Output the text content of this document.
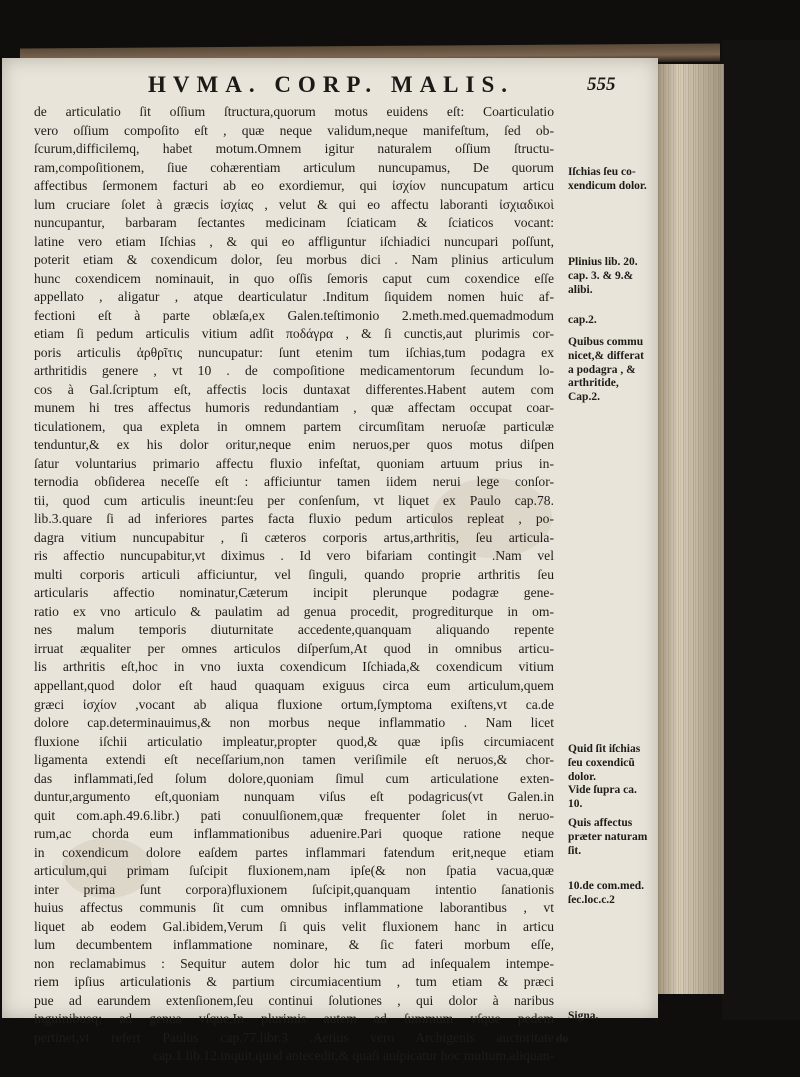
HVMA. CORP. MALIS.	555
de articulatio ſit oſſium ſtructura,quorum motus euidens eſt: Coarticulatio
vero oſſium compoſito eſt , quæ neque validum,neque manifeſtum, ſed ob-
ſcurum,difficilemq, habet motum.Omnem igitur naturalem oſſium ſtructu-
ram,compoſitionem, ſiue cohærentiam articulum nuncupamus, De quorum
affectibus ſermonem facturi ab eo exordiemur, qui ἰσχίον nuncupatum articu
lum cruciare ſolet à græcis ἰσχίας , velut & qui eo affectu laboranti ἰσχιαδικοὶ
nuncupantur, barbaram ſectantes medicinam ſciaticam & ſciaticos vocant:
latine vero etiam Iſchias , & qui eo affliguntur iſchiadici nuncupari poſſunt,
poterit etiam & coxendicum dolor, ſeu morbus dici . Nam plinius articulum
hunc coxendicem nominauit, in quo oſſis ſemoris caput cum coxendice eſſe
appellato , aligatur , atque dearticulatur .Inditum ſiquidem nomen huic af-
fectioni eſt à parte oblæſa,ex Galen.teſtimonio 2.meth.med.quemadmodum
etiam ſi pedum articulis vitium adſit ποδάγρα , & ſi cunctis,aut plurimis cor-
poris articulis ἀρθρῖτις nuncupatur: ſunt etenim tum iſchias,tum podagra ex
arthritidis genere , vt 10 . de compoſitione medicamentorum ſecundum lo-
cos à Gal.ſcriptum eſt, affectis locis duntaxat differentes.Habent autem com
munem hi tres affectus humoris redundantiam , quæ affectam occupat coar-
ticulationem, qua expleta in omnem partem circumſitam neruoſæ particulæ
tenduntur,& ex his dolor oritur,neque enim neruos,per quos motus diſpen
ſatur voluntarius primario affectu fluxio infeſtat, quoniam artuum prius in-
ternodia obſiderea neceſſe eſt : afficiuntur tamen iidem nerui lege conſor-
tii, quod cum articulis ineunt:ſeu per conſenſum, vt liquet ex Paulo cap.78.
lib.3.quare ſi ad inferiores partes facta fluxio pedum articulos repleat , po-
dagra vitium nuncupabitur , ſi cæteros corporis artus,arthritis, ſeu articula-
ris affectio nuncupabitur,vt diximus . Id vero bifariam contingit .Nam vel
multi corporis articuli afficiuntur, vel ſinguli, quando proprie arthritis ſeu
articularis affectio nominatur,Cæterum incipit plerunque podagræ gene-
ratio ex vno articulo & paulatim ad genua procedit, progrediturque in om-
nes malum temporis diuturnitate accedente,quanquam aliquando repente
irruat æqualiter per omnes articulos diſperſum,At quod in omnibus articu-
lis arthritis eſt,hoc in vno iuxta coxendicum Iſchiada,& coxendicum vitium
appellant,quod dolor eſt haud quaquam exiguus circa eum articulum,quem
græci ἰσχίον ,vocant ab aliqua fluxione ortum,ſymptoma exiſtens,vt ca.de
dolore cap.determinauimus,& non morbus neque inflammatio . Nam licet
fluxione iſchii articulatio impleatur,propter quod,& quæ ipſis circumiacent
ligamenta extendi eſt neceſſarium,non tamen veriſimile eſt neruos,& chor-
das inflammati,ſed ſolum dolore,quoniam ſimul cum articulatione exten-
duntur,argumento eſt,quoniam nunquam viſus eſt podagricus(vt Galen.in
quit com.aph.49.6.libr.) pati conuulſionem,quæ frequenter ſolet in neruo-
rum,ac chorda eum inflammationibus aduenire.Pari quoque ratione neque
in coxendicum dolore eaſdem partes inflammari fatendum erit,neque etiam
articulum,qui primam ſuſcipit fluxionem,nam ipſe(& non ſpatia vacua,quæ
inter prima ſunt corpora)fluxionem ſuſcipit,quanquam intentio ſanationis
huius affectus communis ſit cum omnibus inflammatione laborantibus , vt
liquet ab eodem Gal.ibidem,Verum ſi quis velit fluxionem hanc in articu
lum decumbentem inflammatione nominare, & ſic fateri morbum eſſe,
non reclamabimus : Sequitur autem dolor hic tum ad inſequalem intempe-
riem ipſius articulationis & partium circumiacentium , tum etiam & præci
pue ad earundem extenſionem,ſeu continui ſolutiones , qui dolor à naribus
inguinibusq; ad genua vſque,In plurimis autem ad ſummum vſque pedem
pertinet,vt refert Paulus cap.77.libr.3 .Aetius vero Archigenis auctoritate
cap.1 lib.12.inquit,quod antecedit,& quaſi auſpicatur hoc multum,aliquan-
do
Iſchias ſeu co-
xendicum dolor.
Plinius lib. 20.
cap. 3. & 9.&
alibi.
cap.2.
Quibus commu
nicet,& differat
a podagra , &
arthritide,
Cap.2.
Quid ſit iſchias
ſeu coxendicũ
dolor.
Vide ſupra ca.
10.
Quis affectus
præter naturam
ſit.
10.de com.med.
ſec.loc.c.2
Signa.
